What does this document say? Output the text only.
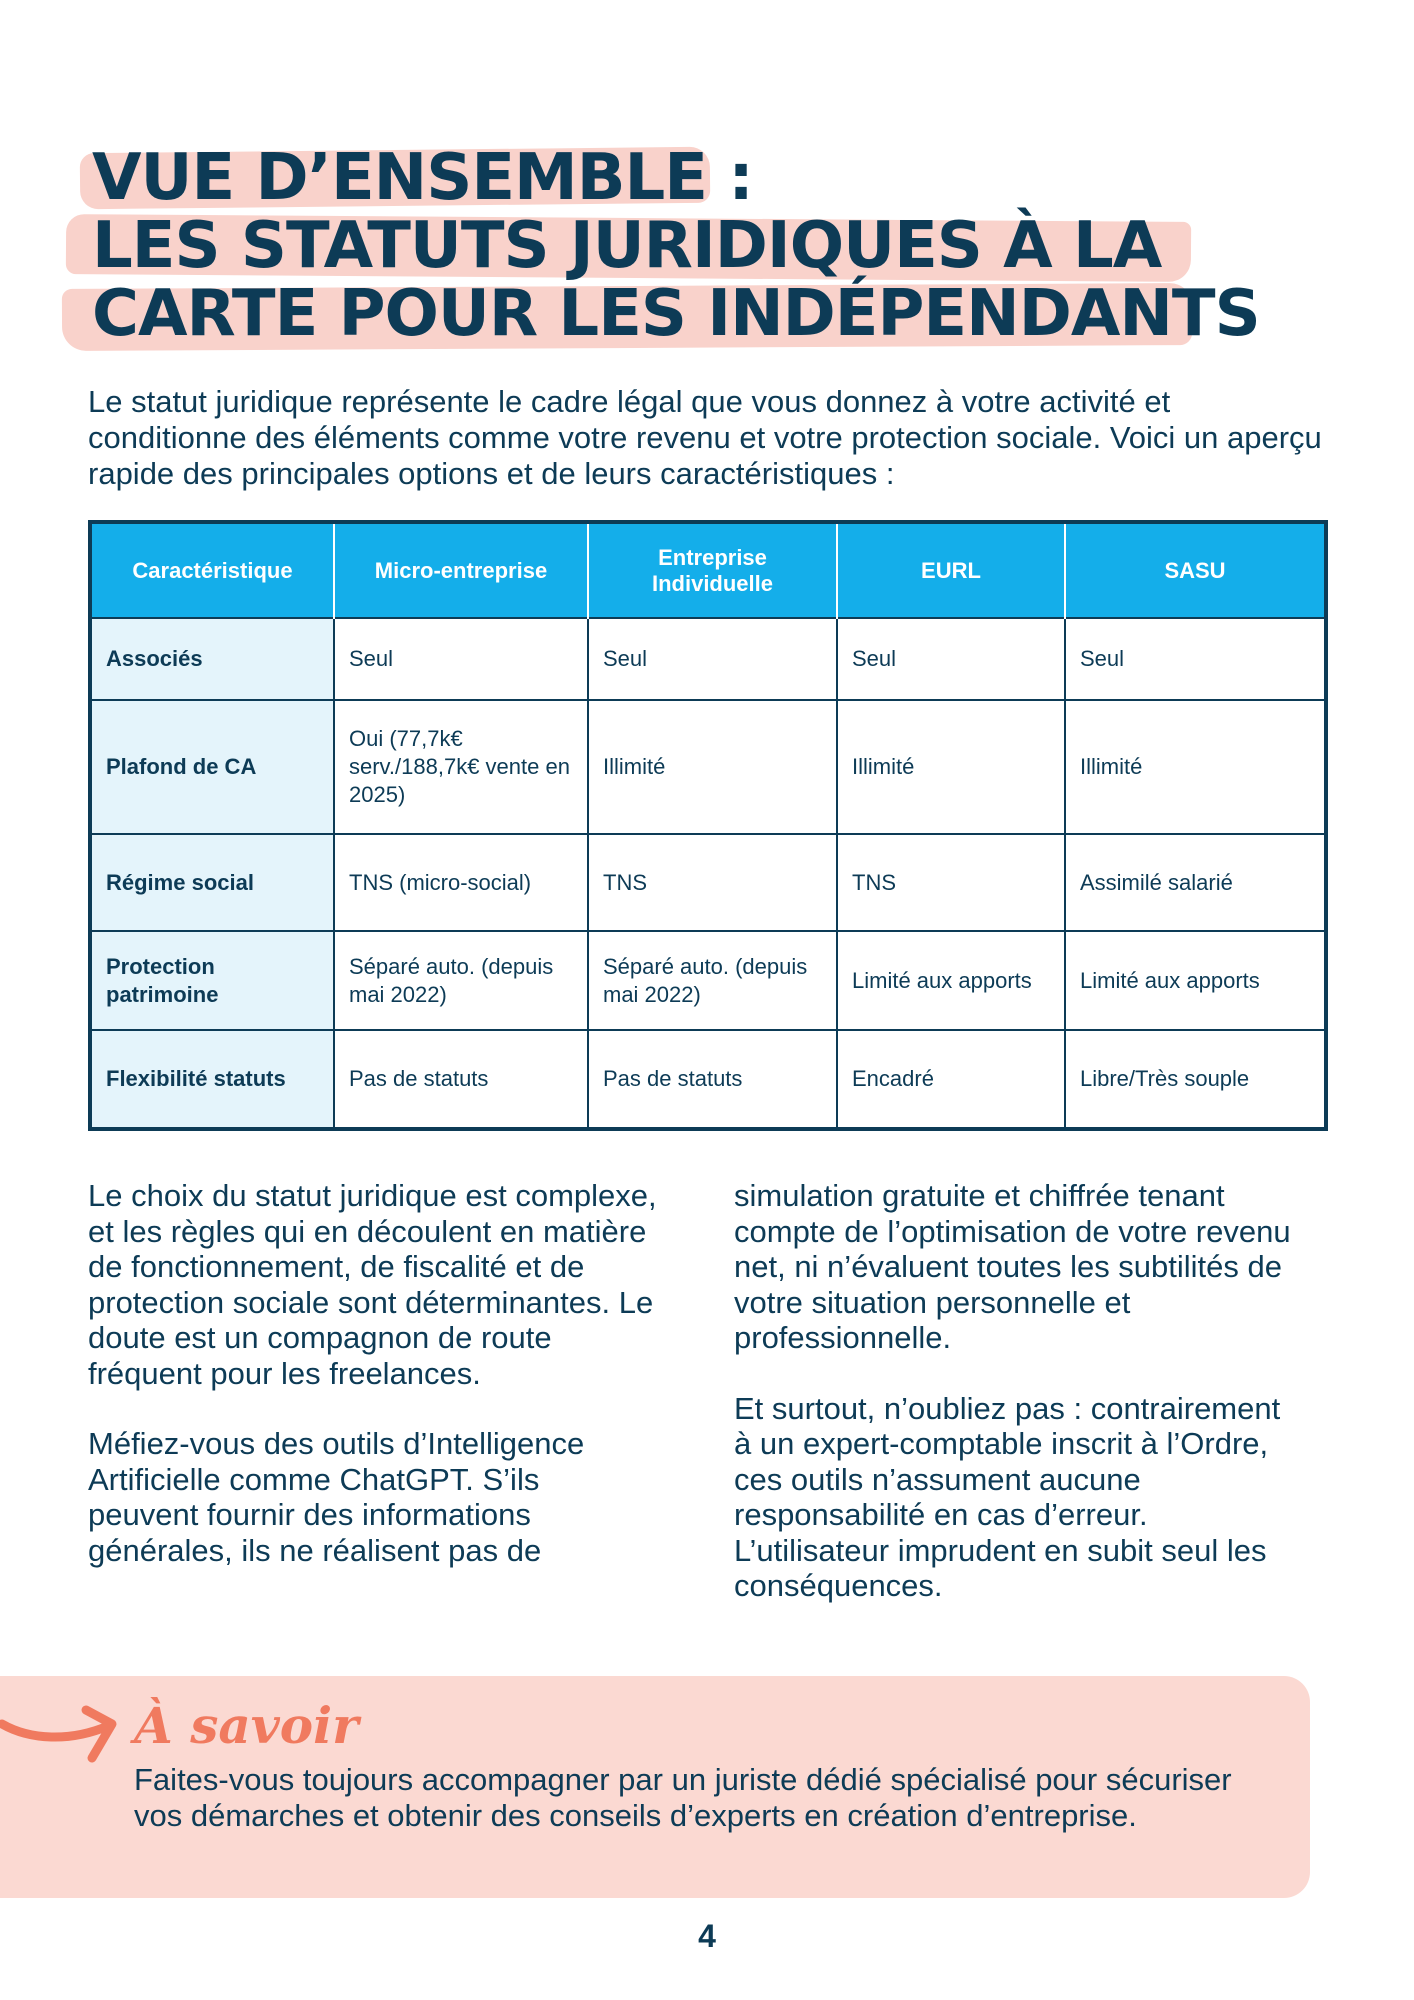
VUE D’ENSEMBLE :
LES STATUTS JURIDIQUES À LA
CARTE POUR LES INDÉPENDANTS

Le statut juridique représente le cadre légal que vous donnez à votre activité et conditionne des éléments comme votre revenu et votre protection sociale. Voici un aperçu rapide des principales options et de leurs caractéristiques :

Caractéristique	Micro-entreprise	Entreprise Individuelle	EURL	SASU
Associés	Seul	Seul	Seul	Seul
Plafond de CA	Oui (77,7k€ serv./188,7k€ vente en 2025)	Illimité	Illimité	Illimité
Régime social	TNS (micro-social)	TNS	TNS	Assimilé salarié
Protection patrimoine	Séparé auto. (depuis mai 2022)	Séparé auto. (depuis mai 2022)	Limité aux apports	Limité aux apports
Flexibilité statuts	Pas de statuts	Pas de statuts	Encadré	Libre/Très souple

Le choix du statut juridique est complexe, et les règles qui en découlent en matière de fonctionnement, de fiscalité et de protection sociale sont déterminantes. Le doute est un compagnon de route fréquent pour les freelances.

Méfiez-vous des outils d’Intelligence Artificielle comme ChatGPT. S’ils peuvent fournir des informations générales, ils ne réalisent pas de

simulation gratuite et chiffrée tenant compte de l’optimisation de votre revenu net, ni n’évaluent toutes les subtilités de votre situation personnelle et professionnelle.

Et surtout, n’oubliez pas : contrairement à un expert-comptable inscrit à l’Ordre, ces outils n’assument aucune responsabilité en cas d’erreur. L’utilisateur imprudent en subit seul les conséquences.

À savoir

Faites-vous toujours accompagner par un juriste dédié spécialisé pour sécuriser vos démarches et obtenir des conseils d’experts en création d’entreprise.

4
